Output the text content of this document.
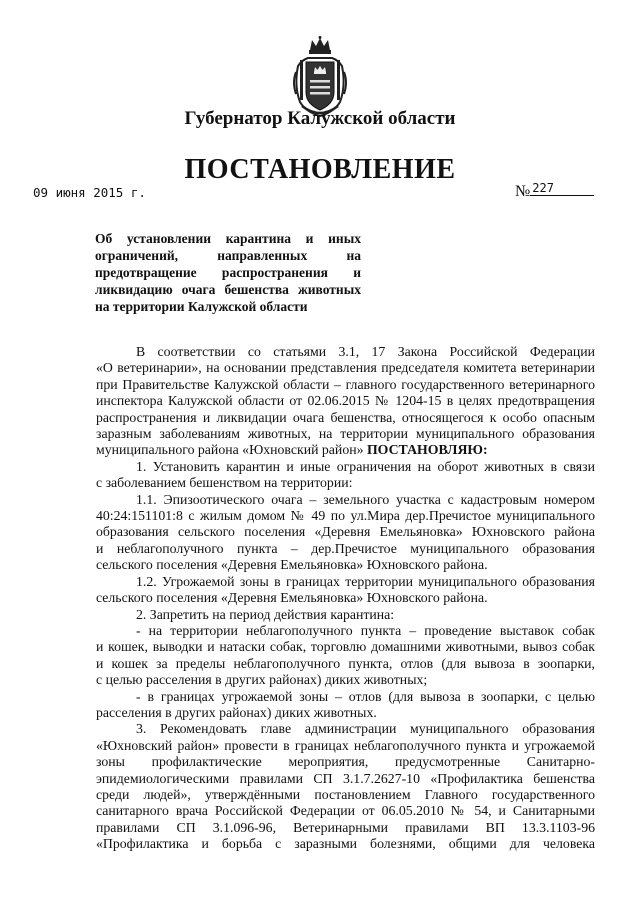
Губернатор Калужской области
ПОСТАНОВЛЕНИЕ
09 июня 2015 г.	№ 227
Об установлении карантина и иных
ограничений, направленных на
предотвращение распространения и
ликвидацию очага бешенства животных
на территории Калужской области
В соответствии со статьями 3.1, 17 Закона Российской Федерации
«О ветеринарии», на основании представления председателя комитета ветеринарии
при Правительстве Калужской области – главного государственного ветеринарного
инспектора Калужской области от 02.06.2015 № 1204-15 в целях предотвращения
распространения и ликвидации очага бешенства, относящегося к особо опасным
заразным заболеваниям животных, на территории муниципального образования
муниципального района «Юхновский район» ПОСТАНОВЛЯЮ:
1. Установить карантин и иные ограничения на оборот животных в связи
с заболеванием бешенством на территории:
1.1. Эпизоотического очага – земельного участка с кадастровым номером
40:24:151101:8 с жилым домом № 49 по ул.Мира дер.Пречистое муниципального
образования сельского поселения «Деревня Емельяновка» Юхновского района
и неблагополучного пункта – дер.Пречистое муниципального образования
сельского поселения «Деревня Емельяновка» Юхновского района.
1.2. Угрожаемой зоны в границах территории муниципального образования
сельского поселения «Деревня Емельяновка» Юхновского района.
2. Запретить на период действия карантина:
- на территории неблагополучного пункта – проведение выставок собак
и кошек, выводки и натаски собак, торговлю домашними животными, вывоз собак
и кошек за пределы неблагополучного пункта, отлов (для вывоза в зоопарки,
с целью расселения в других районах) диких животных;
- в границах угрожаемой зоны – отлов (для вывоза в зоопарки, с целью
расселения в других районах) диких животных.
3. Рекомендовать главе администрации муниципального образования
«Юхновский район» провести в границах неблагополучного пункта и угрожаемой
зоны профилактические мероприятия, предусмотренные Санитарно-
эпидемиологическими правилами СП 3.1.7.2627-10 «Профилактика бешенства
среди людей», утверждёнными постановлением Главного государственного
санитарного врача Российской Федерации от 06.05.2010 № 54, и Санитарными
правилами СП 3.1.096-96, Ветеринарными правилами ВП 13.3.1103-96
«Профилактика и борьба с заразными болезнями, общими для человека
